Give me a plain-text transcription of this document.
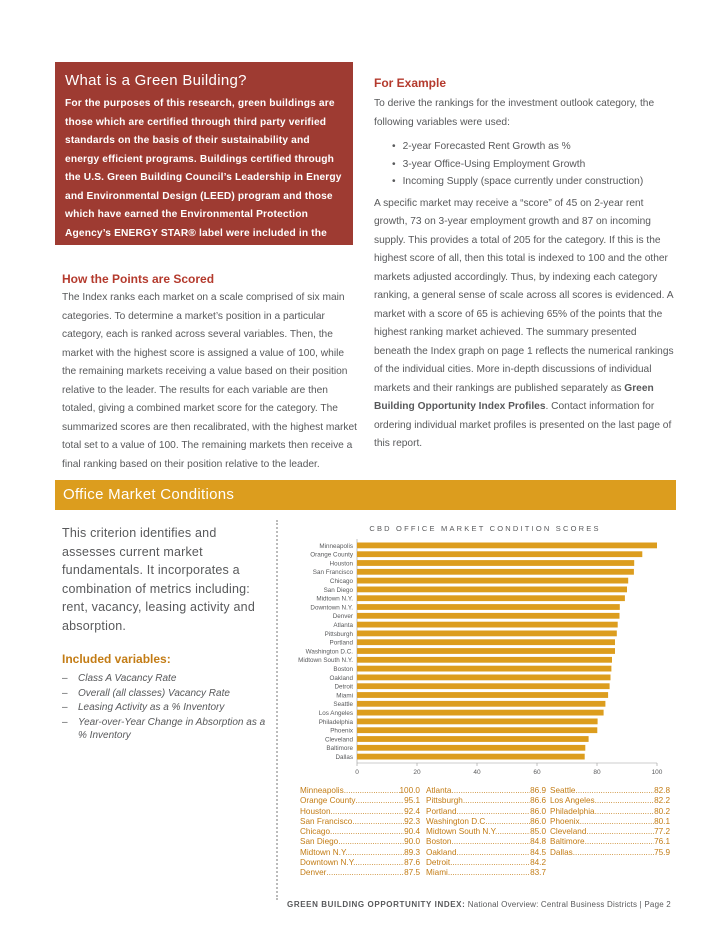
What is a Green Building?

For the purposes of this research, green buildings are those which are certified through third party verified standards on the basis of their sustainability and energy efficient programs. Buildings certified through the U.S. Green Building Council’s Leadership in Energy and Environmental Design (LEED) program and those which have earned the Environmental Protection Agency’s ENERGY STAR® label were included in the compilation of data for the Index.

For Example

To derive the rankings for the investment outlook category, the following variables were used:

• 2-year Forecasted Rent Growth as %
• 3-year Office-Using Employment Growth
• Incoming Supply (space currently under construction)

A specific market may receive a “score” of 45 on 2-year rent growth, 73 on 3-year employment growth and 87 on incoming supply. This provides a total of 205 for the category. If this is the highest score of all, then this total is indexed to 100 and the other markets adjusted accordingly. Thus, by indexing each category ranking, a general sense of scale across all scores is evidenced. A market with a score of 65 is achieving 65% of the points that the highest ranking market achieved. The summary presented beneath the Index graph on page 1 reflects the numerical rankings of the individual cities. More in-depth discussions of individual markets and their rankings are published separately as Green Building Opportunity Index Profiles. Contact information for ordering individual market profiles is presented on the last page of this report.

How the Points are Scored

The Index ranks each market on a scale comprised of six main categories. To determine a market’s position in a particular category, each is ranked across several variables. Then, the market with the highest score is assigned a value of 100, while the remaining markets receiving a value based on their position relative to the leader. The results for each variable are then totaled, giving a combined market score for the category. The summarized scores are then recalibrated, with the highest market total set to a value of 100. The remaining markets then receive a final ranking based on their position relative to the leader.

Office Market Conditions

This criterion identifies and assesses current market fundamentals. It incorporates a combination of metrics including: rent, vacancy, leasing activity and absorption.

Included variables:
– Class A Vacancy Rate
– Overall (all classes) Vacancy Rate
– Leasing Activity as a % Inventory
– Year-over-Year Change in Absorption as a % Inventory
CBD OFFICE MARKET CONDITION SCORES
Minneapolis
Orange County
Houston
San Francisco
Chicago
San Diego
Midtown N.Y.
Downtown N.Y.
Denver
Atlanta
Pittsburgh
Portland
Washington D.C.
Midtown South N.Y.
Boston
Oakland
Detroit
Miami
Seattle
Los Angeles
Philadelphia
Phoenix
Cleveland
Baltimore
Dallas
0	20	40	60	80	100
Minneapolis .....	100.0
Orange County .....	95.1
Houston .....	92.4
San Francisco .....	92.3
Chicago .....	90.4
San Diego .....	90.0
Midtown N.Y. .....	89.3
Downtown N.Y. .....	87.6
Denver .....	87.5
Atlanta .....	86.9
Pittsburgh .....	86.6
Portland .....	86.0
Washington D.C. .....	86.0
Midtown South N.Y. .....	85.0
Boston .....	84.8
Oakland .....	84.5
Detroit .....	84.2
Miami .....	83.7
Seattle .....	82.8
Los Angeles .....	82.2
Philadelphia .....	80.2
Phoenix .....	80.1
Cleveland .....	77.2
Baltimore .....	76.1
Dallas .....	75.9
GREEN BUILDING OPPORTUNITY INDEX: National Overview: Central Business Districts | Page 2
